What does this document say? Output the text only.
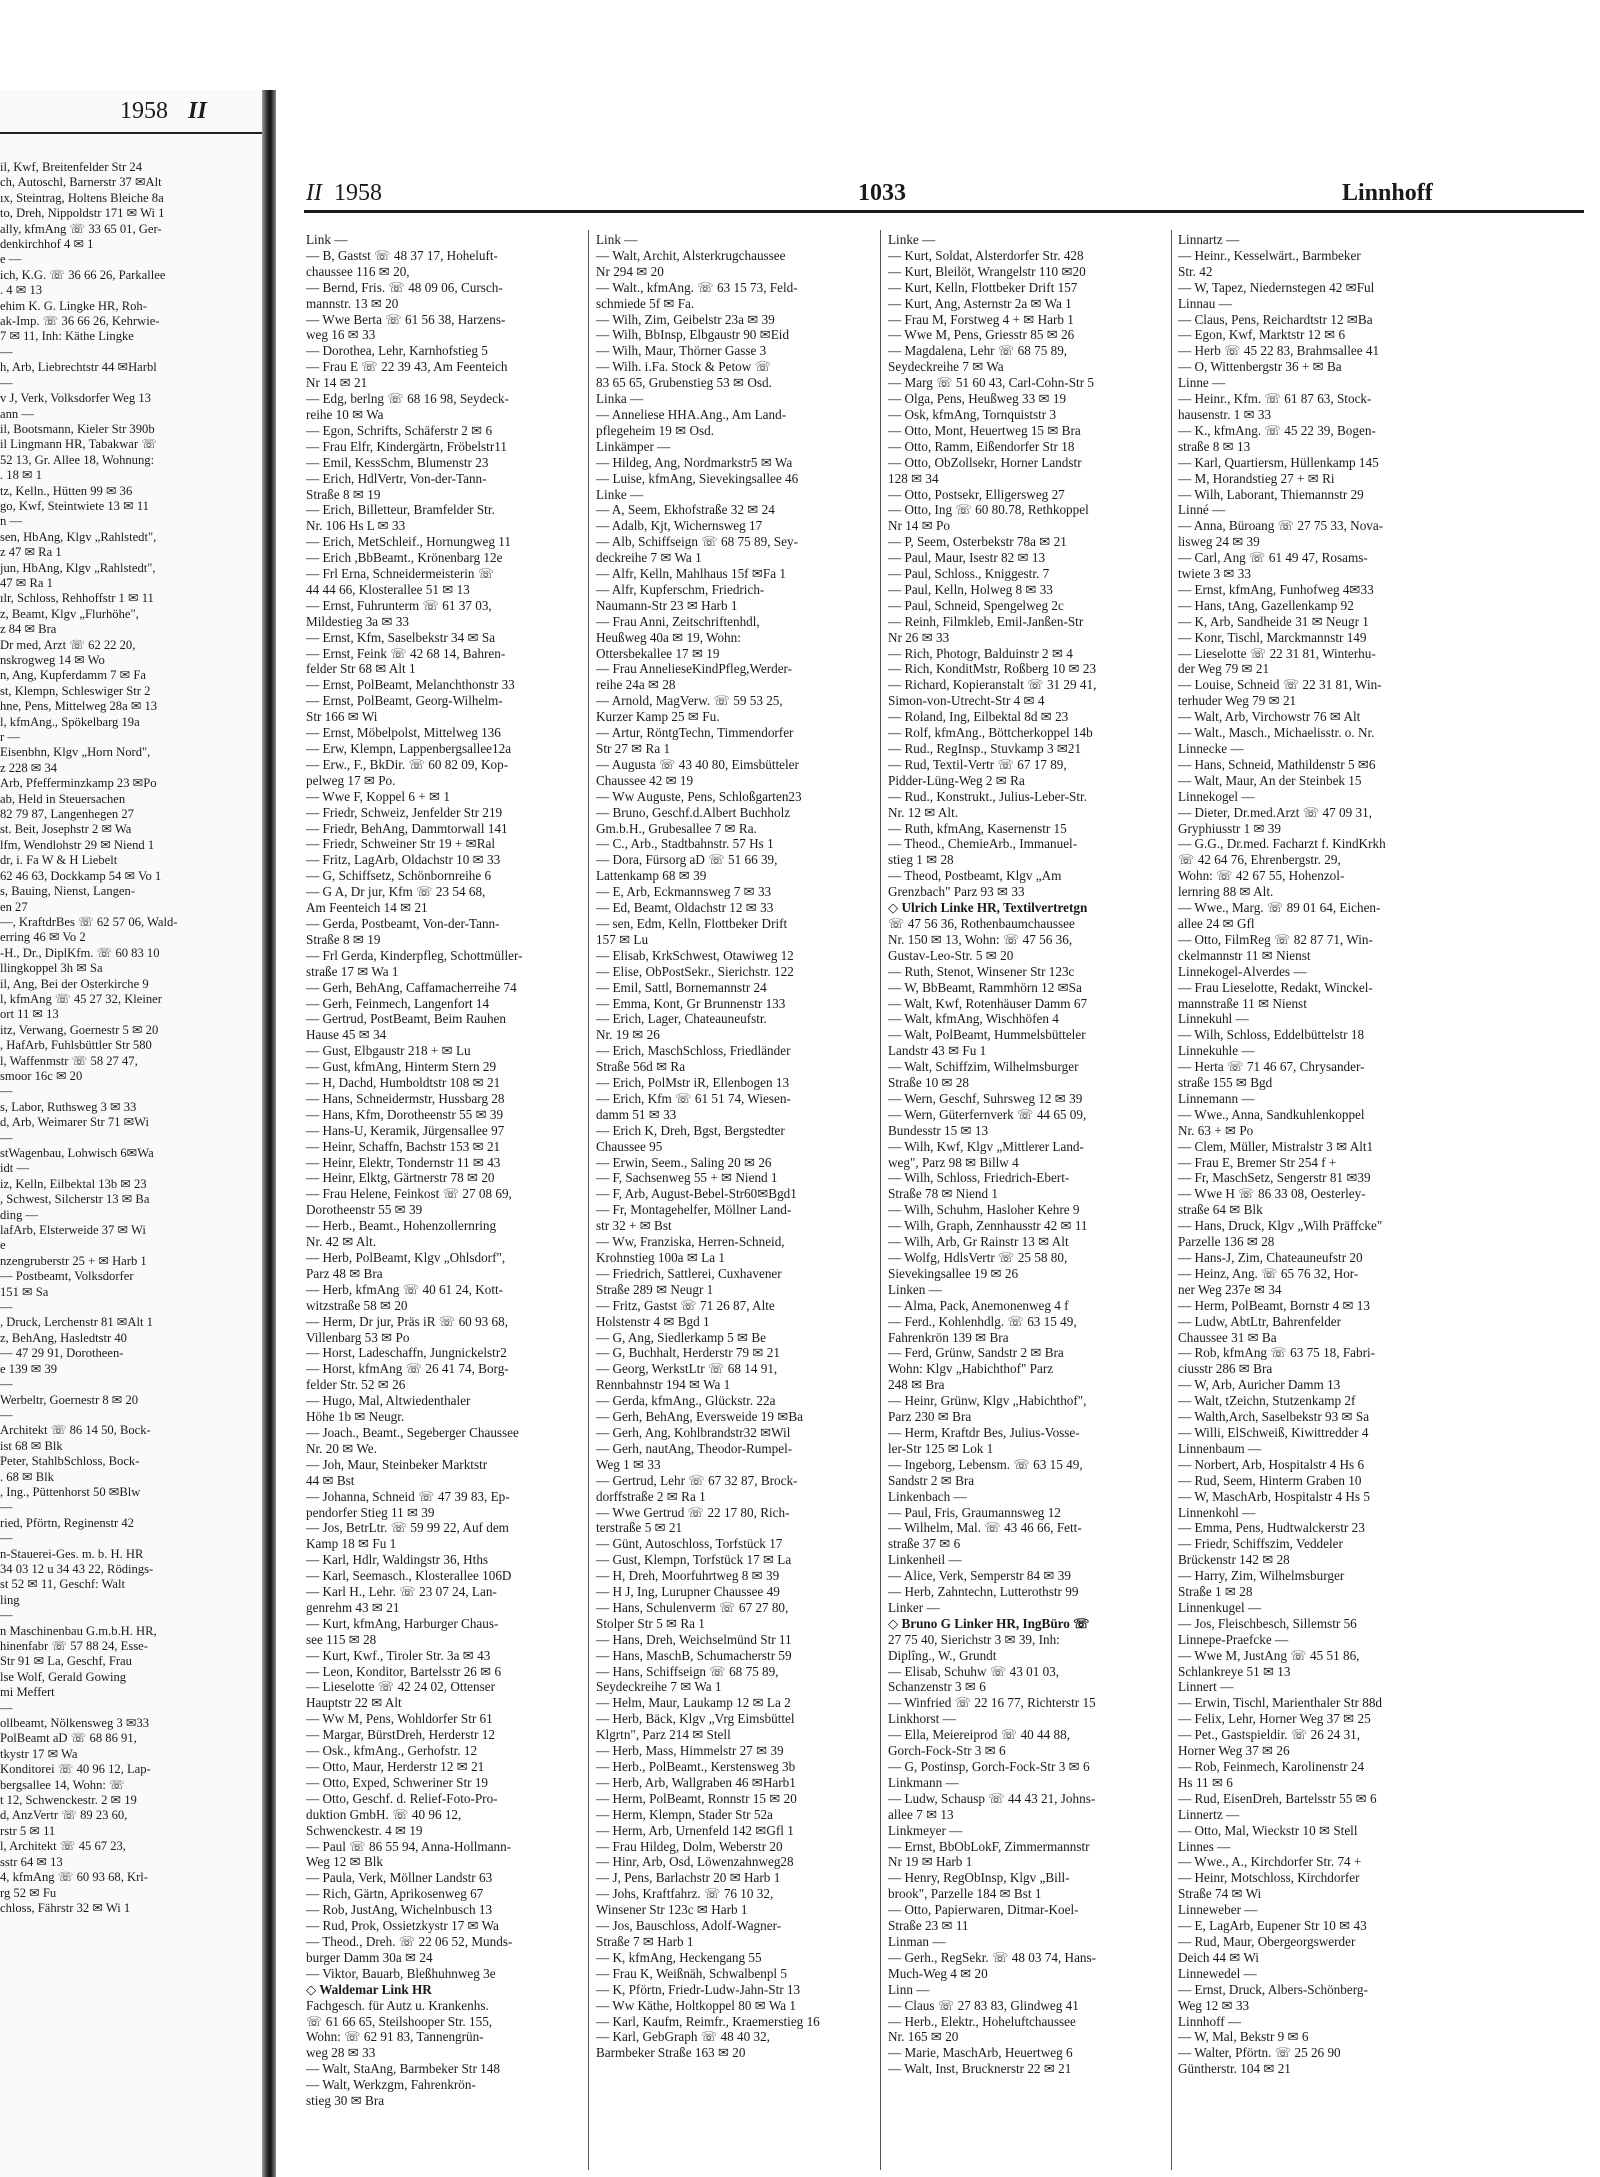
1958 II
il, Kwf, Breitenfelder Str 24
ch, Autoschl, Barnerstr 37 ✉Alt
ıx, Steintrag, Holtens Bleiche 8a
to, Dreh, Nippoldstr 171 ✉ Wi 1
ally, kfmAng ☏ 33 65 01, Ger-
denkirchhof 4 ✉ 1
e —
ich, K.G. ☏ 36 66 26, Parkallee
. 4 ✉ 13
ehim K. G. Lingke HR, Roh-
ak-Imp. ☏ 36 66 26, Kehrwie-
7 ✉ 11, Inh: Käthe Lingke
—
h, Arb, Liebrechtstr 44 ✉Harbl
—
v J, Verk, Volksdorfer Weg 13
ann —
il, Bootsmann, Kieler Str 390b
il Lingmann HR, Tabakwar ☏
52 13, Gr. Allee 18, Wohnung:
. 18 ✉ 1
tz, Kelln., Hütten 99 ✉ 36
go, Kwf, Steintwiete 13 ✉ 11
n —
sen, HbAng, Klgv „Rahlstedt",
z 47 ✉ Ra 1
jun, HbAng, Klgv „Rahlstedt",
47 ✉ Ra 1
ılr, Schloss, Rehhoffstr 1 ✉ 11
z, Beamt, Klgv „Flurhöhe",
z 84 ✉ Bra
Dr med, Arzt ☏ 62 22 20,
nskrogweg 14 ✉ Wo
n, Ang, Kupferdamm 7 ✉ Fa
st, Klempn, Schleswiger Str 2
hne, Pens, Mittelweg 28a ✉ 13
l, kfmAng., Spökelbarg 19a
r —
Eisenbhn, Klgv „Horn Nord",
z 228 ✉ 34
Arb, Pfefferminzkamp 23 ✉Po
ab, Held in Steuersachen
82 79 87, Langenhegen 27
st. Beit, Josephstr 2 ✉ Wa
lfm, Wendlohstr 29 ✉ Niend 1
dr, i. Fa W & H Liebelt
62 46 63, Dockkamp 54 ✉ Vo 1
s, Bauing, Nienst, Langen-
en 27
—, KraftdrBes ☏ 62 57 06, Wald-
erring 46 ✉ Vo 2
-H., Dr., DiplKfm. ☏ 60 83 10
llingkoppel 3h ✉ Sa
il, Ang, Bei der Osterkirche 9
l, kfmAng ☏ 45 27 32, Kleiner
ort 11 ✉ 13
itz, Verwang, Goernestr 5 ✉ 20
, HafArb, Fuhlsbüttler Str 580
l, Waffenmstr ☏ 58 27 47,
smoor 16c ✉ 20
—
s, Labor, Ruthsweg 3 ✉ 33
d, Arb, Weimarer Str 71 ✉Wi
—
stWagenbau, Lohwisch 6✉Wa
idt —
iz, Kelln, Eilbektal 13b ✉ 23
, Schwest, Silcherstr 13 ✉ Ba
ding —
lafArb, Elsterweide 37 ✉ Wi
e
nzengruberstr 25 + ✉ Harb 1
— Postbeamt, Volksdorfer
151 ✉ Sa
—
, Druck, Lerchenstr 81 ✉Alt 1
z, BehAng, Hasledtstr 40
— 47 29 91, Dorotheen-
e 139 ✉ 39
—
Werbeltr, Goernestr 8 ✉ 20
—
Architekt ☏ 86 14 50, Bock-
ist 68 ✉ Blk
Peter, StahlbSchloss, Bock-
. 68 ✉ Blk
, Ing., Püttenhorst 50 ✉Blw
—
ried, Pförtn, Reginenstr 42
—
n-Stauerei-Ges. m. b. H. HR
34 03 12 u 34 43 22, Rödings-
st 52 ✉ 11, Geschf: Walt
ling
—
n Maschinenbau G.m.b.H. HR,
hinenfabr ☏ 57 88 24, Esse-
Str 91 ✉ La, Geschf, Frau
lse Wolf, Gerald Gowing
mi Meffert
—
ollbeamt, Nölkensweg 3 ✉33
PolBeamt aD ☏ 68 86 91,
tkystr 17 ✉ Wa
Konditorei ☏ 40 96 12, Lap-
bergsallee 14, Wohn: ☏
t 12, Schwenckestr. 2 ✉ 19
d, AnzVertr ☏ 89 23 60,
rstr 5 ✉ 11
l, Architekt ☏ 45 67 23,
sstr 64 ✉ 13
4, kfmAng ☏ 60 93 68, Krl-
rg 52 ✉ Fu
chloss, Fährstr 32 ✉ Wi 1
II 1958	1033	Linnhoff
Link —
— B, Gastst ☏ 48 37 17, Hoheluft-
chaussee 116 ✉ 20,
— Bernd, Fris. ☏ 48 09 06, Cursch-
mannstr. 13 ✉ 20
— Wwe Berta ☏ 61 56 38, Harzens-
weg 16 ✉ 33
— Dorothea, Lehr, Karnhofstieg 5
— Frau E ☏ 22 39 43, Am Feenteich
Nr 14 ✉ 21
— Edg, berlng ☏ 68 16 98, Seydeck-
reihe 10 ✉ Wa
— Egon, Schrifts, Schäferstr 2 ✉ 6
— Frau Elfr, Kindergärtn, Fröbelstr11
— Emil, KessSchm, Blumenstr 23
— Erich, HdlVertr, Von-der-Tann-
Straße 8 ✉ 19
— Erich, Billetteur, Bramfelder Str.
Nr. 106 Hs L ✉ 33
— Erich, MetSchleif., Hornungweg 11
— Erich ,BbBeamt., Krönenbarg 12e
— Frl Erna, Schneidermeisterin ☏
44 44 66, Klosterallee 51 ✉ 13
— Ernst, Fuhrunterm ☏ 61 37 03,
Mildestieg 3a ✉ 33
— Ernst, Kfm, Saselbekstr 34 ✉ Sa
— Ernst, Feink ☏ 42 68 14, Bahren-
felder Str 68 ✉ Alt 1
— Ernst, PolBeamt, Melanchthonstr 33
— Ernst, PolBeamt, Georg-Wilhelm-
Str 166 ✉ Wi
— Ernst, Möbelpolst, Mittelweg 136
— Erw, Klempn, Lappenbergsallee12a
— Erw., F., BkDir. ☏ 60 82 09, Kop-
pelweg 17 ✉ Po.
— Wwe F, Koppel 6 + ✉ 1
— Friedr, Schweiz, Jenfelder Str 219
— Friedr, BehAng, Dammtorwall 141
— Friedr, Schweiner Str 19 + ✉Ral
— Fritz, LagArb, Oldachstr 10 ✉ 33
— G, Schiffsetz, Schönbornreihe 6
— G A, Dr jur, Kfm ☏ 23 54 68,
Am Feenteich 14 ✉ 21
— Gerda, Postbeamt, Von-der-Tann-
Straße 8 ✉ 19
— Frl Gerda, Kinderpfleg, Schottmüller-
straße 17 ✉ Wa 1
— Gerh, BehAng, Caffamacherreihe 74
— Gerh, Feinmech, Langenfort 14
— Gertrud, PostBeamt, Beim Rauhen
Hause 45 ✉ 34
— Gust, Elbgaustr 218 + ✉ Lu
— Gust, kfmAng, Hinterm Stern 29
— H, Dachd, Humboldtstr 108 ✉ 21
— Hans, Schneidermstr, Hussbarg 28
— Hans, Kfm, Dorotheenstr 55 ✉ 39
— Hans-U, Keramik, Jürgensallee 97
— Heinr, Schaffn, Bachstr 153 ✉ 21
— Heinr, Elektr, Tondernstr 11 ✉ 43
— Heinr, Elktg, Gärtnerstr 78 ✉ 20
— Frau Helene, Feinkost ☏ 27 08 69,
Dorotheenstr 55 ✉ 39
— Herb., Beamt., Hohenzollernring
Nr. 42 ✉ Alt.
— Herb, PolBeamt, Klgv „Ohlsdorf",
Parz 48 ✉ Bra
— Herb, kfmAng ☏ 40 61 24, Kott-
witzstraße 58 ✉ 20
— Herm, Dr jur, Präs iR ☏ 60 93 68,
Villenbarg 53 ✉ Po
— Horst, Ladeschaffn, Jungnickelstr2
— Horst, kfmAng ☏ 26 41 74, Borg-
felder Str. 52 ✉ 26
— Hugo, Mal, Altwiedenthaler
Höhe 1b ✉ Neugr.
— Joach., Beamt., Segeberger Chaussee
Nr. 20 ✉ We.
— Joh, Maur, Steinbeker Marktstr
44 ✉ Bst
— Johanna, Schneid ☏ 47 39 83, Ep-
pendorfer Stieg 11 ✉ 39
— Jos, BetrLtr. ☏ 59 99 22, Auf dem
Kamp 18 ✉ Fu 1
— Karl, Hdlr, Waldingstr 36, Hths
— Karl, Seemasch., Klosterallee 106D
— Karl H., Lehr. ☏ 23 07 24, Lan-
genrehm 43 ✉ 21
— Kurt, kfmAng, Harburger Chaus-
see 115 ✉ 28
— Kurt, Kwf., Tiroler Str. 3a ✉ 43
— Leon, Konditor, Bartelsstr 26 ✉ 6
— Lieselotte ☏ 42 24 02, Ottenser
Hauptstr 22 ✉ Alt
— Ww M, Pens, Wohldorfer Str 61
— Margar, BürstDreh, Herderstr 12
— Osk., kfmAng., Gerhofstr. 12
— Otto, Maur, Herderstr 12 ✉ 21
— Otto, Exped, Schweriner Str 19
— Otto, Geschf. d. Relief-Foto-Pro-
duktion GmbH. ☏ 40 96 12,
Schwenckestr. 4 ✉ 19
— Paul ☏ 86 55 94, Anna-Hollmann-
Weg 12 ✉ Blk
— Paula, Verk, Möllner Landstr 63
— Rich, Gärtn, Aprikosenweg 67
— Rob, JustAng, Wichelnbusch 13
— Rud, Prok, Ossietzkystr 17 ✉ Wa
— Theod., Dreh. ☏ 22 06 52, Munds-
burger Damm 30a ✉ 24
— Viktor, Bauarb, Bleßhuhnweg 3e
◇ Waldemar Link HR
Fachgesch. für Autz u. Krankenhs.
☏ 61 66 65, Steilshooper Str. 155,
Wohn: ☏ 62 91 83, Tannengrün-
weg 28 ✉ 33
— Walt, StaAng, Barmbeker Str 148
— Walt, Werkzgm, Fahrenkrön-
stieg 30 ✉ Bra
Link —
— Walt, Archit, Alsterkrugchaussee
Nr 294 ✉ 20
— Walt., kfmAng. ☏ 63 15 73, Feld-
schmiede 5f ✉ Fa.
— Wilh, Zim, Geibelstr 23a ✉ 39
— Wilh, BbInsp, Elbgaustr 90 ✉Eid
— Wilh, Maur, Thörner Gasse 3
— Wilh. i.Fa. Stock & Petow ☏
83 65 65, Grubenstieg 53 ✉ Osd.
Linka —
— Anneliese HHA.Ang., Am Land-
pflegeheim 19 ✉ Osd.
Linkämper —
— Hildeg, Ang, Nordmarkstr5 ✉ Wa
— Luise, kfmAng, Sievekingsallee 46
Linke —
— A, Seem, Ekhofstraße 32 ✉ 24
— Adalb, Kjt, Wichernsweg 17
— Alb, Schiffseign ☏ 68 75 89, Sey-
deckreihe 7 ✉ Wa 1
— Alfr, Kelln, Mahlhaus 15f ✉Fa 1
— Alfr, Kupferschm, Friedrich-
Naumann-Str 23 ✉ Harb 1
— Frau Anni, Zeitschriftenhdl,
Heußweg 40a ✉ 19, Wohn:
Ottersbekallee 17 ✉ 19
— Frau AnnelieseKindPfleg,Werder-
reihe 24a ✉ 28
— Arnold, MagVerw. ☏ 59 53 25,
Kurzer Kamp 25 ✉ Fu.
— Artur, RöntgTechn, Timmendorfer
Str 27 ✉ Ra 1
— Augusta ☏ 43 40 80, Eimsbütteler
Chaussee 42 ✉ 19
— Ww Auguste, Pens, Schloßgarten23
— Bruno, Geschf.d.Albert Buchholz
Gm.b.H., Grubesallee 7 ✉ Ra.
— C., Arb., Stadtbahnstr. 57 Hs 1
— Dora, Fürsorg aD ☏ 51 66 39,
Lattenkamp 68 ✉ 39
— E, Arb, Eckmannsweg 7 ✉ 33
— Ed, Beamt, Oldachstr 12 ✉ 33
— sen, Edm, Kelln, Flottbeker Drift
157 ✉ Lu
— Elisab, KrkSchwest, Otawiweg 12
— Elise, ObPostSekr., Sierichstr. 122
— Emil, Sattl, Bornemannstr 24
— Emma, Kont, Gr Brunnenstr 133
— Erich, Lager, Chateauneufstr.
Nr. 19 ✉ 26
— Erich, MaschSchloss, Friedländer
Straße 56d ✉ Ra
— Erich, PolMstr iR, Ellenbogen 13
— Erich, Kfm ☏ 61 51 74, Wiesen-
damm 51 ✉ 33
— Erich K, Dreh, Bgst, Bergstedter
Chaussee 95
— Erwin, Seem., Saling 20 ✉ 26
— F, Sachsenweg 55 + ✉ Niend 1
— F, Arb, August-Bebel-Str60✉Bgd1
— Fr, Montagehelfer, Möllner Land-
str 32 + ✉ Bst
— Ww, Franziska, Herren-Schneid,
Krohnstieg 100a ✉ La 1
— Friedrich, Sattlerei, Cuxhavener
Straße 289 ✉ Neugr 1
— Fritz, Gastst ☏ 71 26 87, Alte
Holstenstr 4 ✉ Bgd 1
— G, Ang, Siedlerkamp 5 ✉ Be
— G, Buchhalt, Herderstr 79 ✉ 21
— Georg, WerkstLtr ☏ 68 14 91,
Rennbahnstr 194 ✉ Wa 1
— Gerda, kfmAng., Glückstr. 22a
— Gerh, BehAng, Eversweide 19 ✉Ba
— Gerh, Ang, Kohlbrandstr32 ✉Wil
— Gerh, nautAng, Theodor-Rumpel-
Weg 1 ✉ 33
— Gertrud, Lehr ☏ 67 32 87, Brock-
dorffstraße 2 ✉ Ra 1
— Wwe Gertrud ☏ 22 17 80, Rich-
terstraße 5 ✉ 21
— Günt, Autoschloss, Torfstück 17
— Gust, Klempn, Torfstück 17 ✉ La
— H, Dreh, Moorfuhrtweg 8 ✉ 39
— H J, Ing, Lurupner Chaussee 49
— Hans, Schulenverm ☏ 67 27 80,
Stolper Str 5 ✉ Ra 1
— Hans, Dreh, Weichselmünd Str 11
— Hans, MaschB, Schumacherstr 59
— Hans, Schiffseign ☏ 68 75 89,
Seydeckreihe 7 ✉ Wa 1
— Helm, Maur, Laukamp 12 ✉ La 2
— Herb, Bäck, Klgv „Vrg Eimsbüttel
Klgrtn", Parz 214 ✉ Stell
— Herb, Mass, Himmelstr 27 ✉ 39
— Herb., PolBeamt., Kerstensweg 3b
— Herb, Arb, Wallgraben 46 ✉Harb1
— Herm, PolBeamt, Ronnstr 15 ✉ 20
— Herm, Klempn, Stader Str 52a
— Herm, Arb, Urnenfeld 142 ✉Gfl 1
— Frau Hildeg, Dolm, Weberstr 20
— Hinr, Arb, Osd, Löwenzahnweg28
— J, Pens, Barlachstr 20 ✉ Harb 1
— Johs, Kraftfahrz. ☏ 76 10 32,
Winsener Str 123c ✉ Harb 1
— Jos, Bauschloss, Adolf-Wagner-
Straße 7 ✉ Harb 1
— K, kfmAng, Heckengang 55
— Frau K, Weißnäh, Schwalbenpl 5
— K, Pförtn, Friedr-Ludw-Jahn-Str 13
— Ww Käthe, Holtkoppel 80 ✉ Wa 1
— Karl, Kaufm, Reimfr., Kraemerstieg 16
— Karl, GebGraph ☏ 48 40 32,
Barmbeker Straße 163 ✉ 20
Linke —
— Kurt, Soldat, Alsterdorfer Str. 428
— Kurt, Bleilöt, Wrangelstr 110 ✉20
— Kurt, Kelln, Flottbeker Drift 157
— Kurt, Ang, Asternstr 2a ✉ Wa 1
— Frau M, Forstweg 4 + ✉ Harb 1
— Wwe M, Pens, Griesstr 85 ✉ 26
— Magdalena, Lehr ☏ 68 75 89,
Seydeckreihe 7 ✉ Wa
— Marg ☏ 51 60 43, Carl-Cohn-Str 5
— Olga, Pens, Heußweg 33 ✉ 19
— Osk, kfmAng, Tornquiststr 3
— Otto, Mont, Heuertweg 15 ✉ Bra
— Otto, Ramm, Eißendorfer Str 18
— Otto, ObZollsekr, Horner Landstr
128 ✉ 34
— Otto, Postsekr, Elligersweg 27
— Otto, Ing ☏ 60 80.78, Rethkoppel
Nr 14 ✉ Po
— P, Seem, Osterbekstr 78a ✉ 21
— Paul, Maur, Isestr 82 ✉ 13
— Paul, Schloss., Kniggestr. 7
— Paul, Kelln, Holweg 8 ✉ 33
— Paul, Schneid, Spengelweg 2c
— Reinh, Filmkleb, Emil-Janßen-Str
Nr 26 ✉ 33
— Rich, Photogr, Balduinstr 2 ✉ 4
— Rich, KonditMstr, Roßberg 10 ✉ 23
— Richard, Kopieranstalt ☏ 31 29 41,
Simon-von-Utrecht-Str 4 ✉ 4
— Roland, Ing, Eilbektal 8d ✉ 23
— Rolf, kfmAng., Böttcherkoppel 14b
— Rud., RegInsp., Stuvkamp 3 ✉21
— Rud, Textil-Vertr ☏ 67 17 89,
Pidder-Lüng-Weg 2 ✉ Ra
— Rud., Konstrukt., Julius-Leber-Str.
Nr. 12 ✉ Alt.
— Ruth, kfmAng, Kasernenstr 15
— Theod., ChemieArb., Immanuel-
stieg 1 ✉ 28
— Theod, Postbeamt, Klgv „Am
Grenzbach" Parz 93 ✉ 33
◇ Ulrich Linke HR, Textilvertretgn
☏ 47 56 36, Rothenbaumchaussee
Nr. 150 ✉ 13, Wohn: ☏ 47 56 36,
Gustav-Leo-Str. 5 ✉ 20
— Ruth, Stenot, Winsener Str 123c
— W, BbBeamt, Rammhörn 12 ✉Sa
— Walt, Kwf, Rotenhäuser Damm 67
— Walt, kfmAng, Wischhöfen 4
— Walt, PolBeamt, Hummelsbütteler
Landstr 43 ✉ Fu 1
— Walt, Schiffzim, Wilhelmsburger
Straße 10 ✉ 28
— Wern, Geschf, Suhrsweg 12 ✉ 39
— Wern, Güterfernverk ☏ 44 65 09,
Bundesstr 15 ✉ 13
— Wilh, Kwf, Klgv „Mittlerer Land-
weg", Parz 98 ✉ Billw 4
— Wilh, Schloss, Friedrich-Ebert-
Straße 78 ✉ Niend 1
— Wilh, Schuhm, Hasloher Kehre 9
— Wilh, Graph, Zennhausstr 42 ✉ 11
— Wilh, Arb, Gr Rainstr 13 ✉ Alt
— Wolfg, HdlsVertr ☏ 25 58 80,
Sievekingsallee 19 ✉ 26
Linken —
— Alma, Pack, Anemonenweg 4 f
— Ferd., Kohlenhdlg. ☏ 63 15 49,
Fahrenkrön 139 ✉ Bra
— Ferd, Grünw, Sandstr 2 ✉ Bra
Wohn: Klgv „Habichthof" Parz
248 ✉ Bra
— Heinr, Grünw, Klgv „Habichthof",
Parz 230 ✉ Bra
— Herm, Kraftdr Bes, Julius-Vosse-
ler-Str 125 ✉ Lok 1
— Ingeborg, Lebensm. ☏ 63 15 49,
Sandstr 2 ✉ Bra
Linkenbach —
— Paul, Fris, Graumannsweg 12
— Wilhelm, Mal. ☏ 43 46 66, Fett-
straße 37 ✉ 6
Linkenheil —
— Alice, Verk, Semperstr 84 ✉ 39
— Herb, Zahntechn, Lutterothstr 99
Linker —
◇ Bruno G Linker HR, IngBüro ☏
27 75 40, Sierichstr 3 ✉ 39, Inh:
Diplîng., W., Grundt
— Elisab, Schuhw ☏ 43 01 03,
Schanzenstr 3 ✉ 6
— Winfried ☏ 22 16 77, Richterstr 15
Linkhorst —
— Ella, Meiereiprod ☏ 40 44 88,
Gorch-Fock-Str 3 ✉ 6
— G, Postinsp, Gorch-Fock-Str 3 ✉ 6
Linkmann —
— Ludw, Schausp ☏ 44 43 21, Johns-
allee 7 ✉ 13
Linkmeyer —
— Ernst, BbObLokF, Zimmermannstr
Nr 19 ✉ Harb 1
— Henry, RegObInsp, Klgv „Bill-
brook", Parzelle 184 ✉ Bst 1
— Otto, Papierwaren, Ditmar-Koel-
Straße 23 ✉ 11
Linman —
— Gerh., RegSekr. ☏ 48 03 74, Hans-
Much-Weg 4 ✉ 20
Linn —
— Claus ☏ 27 83 83, Glindweg 41
— Herb., Elektr., Hoheluftchaussee
Nr. 165 ✉ 20
— Marie, MaschArb, Heuertweg 6
— Walt, Inst, Brucknerstr 22 ✉ 21
Linnartz —
— Heinr., Kesselwärt., Barmbeker
Str. 42
— W, Tapez, Niedernstegen 42 ✉Ful
Linnau —
— Claus, Pens, Reichardtstr 12 ✉Ba
— Egon, Kwf, Marktstr 12 ✉ 6
— Herb ☏ 45 22 83, Brahmsallee 41
— O, Wittenbergstr 36 + ✉ Ba
Linne —
— Heinr., Kfm. ☏ 61 87 63, Stock-
hausenstr. 1 ✉ 33
— K., kfmAng. ☏ 45 22 39, Bogen-
straße 8 ✉ 13
— Karl, Quartiersm, Hüllenkamp 145
— M, Horandstieg 27 + ✉ Ri
— Wilh, Laborant, Thiemannstr 29
Linné —
— Anna, Büroang ☏ 27 75 33, Nova-
lisweg 24 ✉ 39
— Carl, Ang ☏ 61 49 47, Rosams-
twiete 3 ✉ 33
— Ernst, kfmAng, Funhofweg 4✉33
— Hans, tAng, Gazellenkamp 92
— K, Arb, Sandheide 31 ✉ Neugr 1
— Konr, Tischl, Marckmannstr 149
— Lieselotte ☏ 22 31 81, Winterhu-
der Weg 79 ✉ 21
— Louise, Schneid ☏ 22 31 81, Win-
terhuder Weg 79 ✉ 21
— Walt, Arb, Virchowstr 76 ✉ Alt
— Walt., Masch., Michaelisstr. o. Nr.
Linnecke —
— Hans, Schneid, Mathildenstr 5 ✉6
— Walt, Maur, An der Steinbek 15
Linnekogel —
— Dieter, Dr.med.Arzt ☏ 47 09 31,
Gryphiusstr 1 ✉ 39
— G.G., Dr.med. Facharzt f. KindKrkh
☏ 42 64 76, Ehrenbergstr. 29,
Wohn: ☏ 42 67 55, Hohenzol-
lernring 88 ✉ Alt.
— Wwe., Marg. ☏ 89 01 64, Eichen-
allee 24 ✉ Gfl
— Otto, FilmReg ☏ 82 87 71, Win-
ckelmannstr 11 ✉ Nienst
Linnekogel-Alverdes —
— Frau Lieselotte, Redakt, Winckel-
mannstraße 11 ✉ Nienst
Linnekuhl —
— Wilh, Schloss, Eddelbüttelstr 18
Linnekuhle —
— Herta ☏ 71 46 67, Chrysander-
straße 155 ✉ Bgd
Linnemann —
— Wwe., Anna, Sandkuhlenkoppel
Nr. 63 + ✉ Po
— Clem, Müller, Mistralstr 3 ✉ Alt1
— Frau E, Bremer Str 254 f +
— Fr, MaschSetz, Sengerstr 81 ✉39
— Wwe H ☏ 86 33 08, Oesterley-
straße 64 ✉ Blk
— Hans, Druck, Klgv „Wilh Präffcke"
Parzelle 136 ✉ 28
— Hans-J, Zim, Chateauneufstr 20
— Heinz, Ang. ☏ 65 76 32, Hor-
ner Weg 237e ✉ 34
— Herm, PolBeamt, Bornstr 4 ✉ 13
— Ludw, AbtLtr, Bahrenfelder
Chaussee 31 ✉ Ba
— Rob, kfmAng ☏ 63 75 18, Fabri-
ciusstr 286 ✉ Bra
— W, Arb, Auricher Damm 13
— Walt, tZeichn, Stutzenkamp 2f
— Walth,Arch, Saselbekstr 93 ✉ Sa
— Willi, ElSchweiß, Kiwittredder 4
Linnenbaum —
— Norbert, Arb, Hospitalstr 4 Hs 6
— Rud, Seem, Hinterm Graben 10
— W, MaschArb, Hospitalstr 4 Hs 5
Linnenkohl —
— Emma, Pens, Hudtwalckerstr 23
— Friedr, Schiffszim, Veddeler
Brückenstr 142 ✉ 28
— Harry, Zim, Wilhelmsburger
Straße 1 ✉ 28
Linnenkugel —
— Jos, Fleischbesch, Sillemstr 56
Linnepe-Praefcke —
— Wwe M, JustAng ☏ 45 51 86,
Schlankreye 51 ✉ 13
Linnert —
— Erwin, Tischl, Marienthaler Str 88d
— Felix, Lehr, Horner Weg 37 ✉ 25
— Pet., Gastspieldir. ☏ 26 24 31,
Horner Weg 37 ✉ 26
— Rob, Feinmech, Karolinenstr 24
Hs 11 ✉ 6
— Rud, EisenDreh, Bartelsstr 55 ✉ 6
Linnertz —
— Otto, Mal, Wieckstr 10 ✉ Stell
Linnes —
— Wwe., A., Kirchdorfer Str. 74 +
— Heinr, Motschloss, Kirchdorfer
Straße 74 ✉ Wi
Linneweber —
— E, LagArb, Eupener Str 10 ✉ 43
— Rud, Maur, Obergeorgswerder
Deich 44 ✉ Wi
Linnewedel —
— Ernst, Druck, Albers-Schönberg-
Weg 12 ✉ 33
Linnhoff —
— W, Mal, Bekstr 9 ✉ 6
— Walter, Pförtn. ☏ 25 26 90
Güntherstr. 104 ✉ 21
